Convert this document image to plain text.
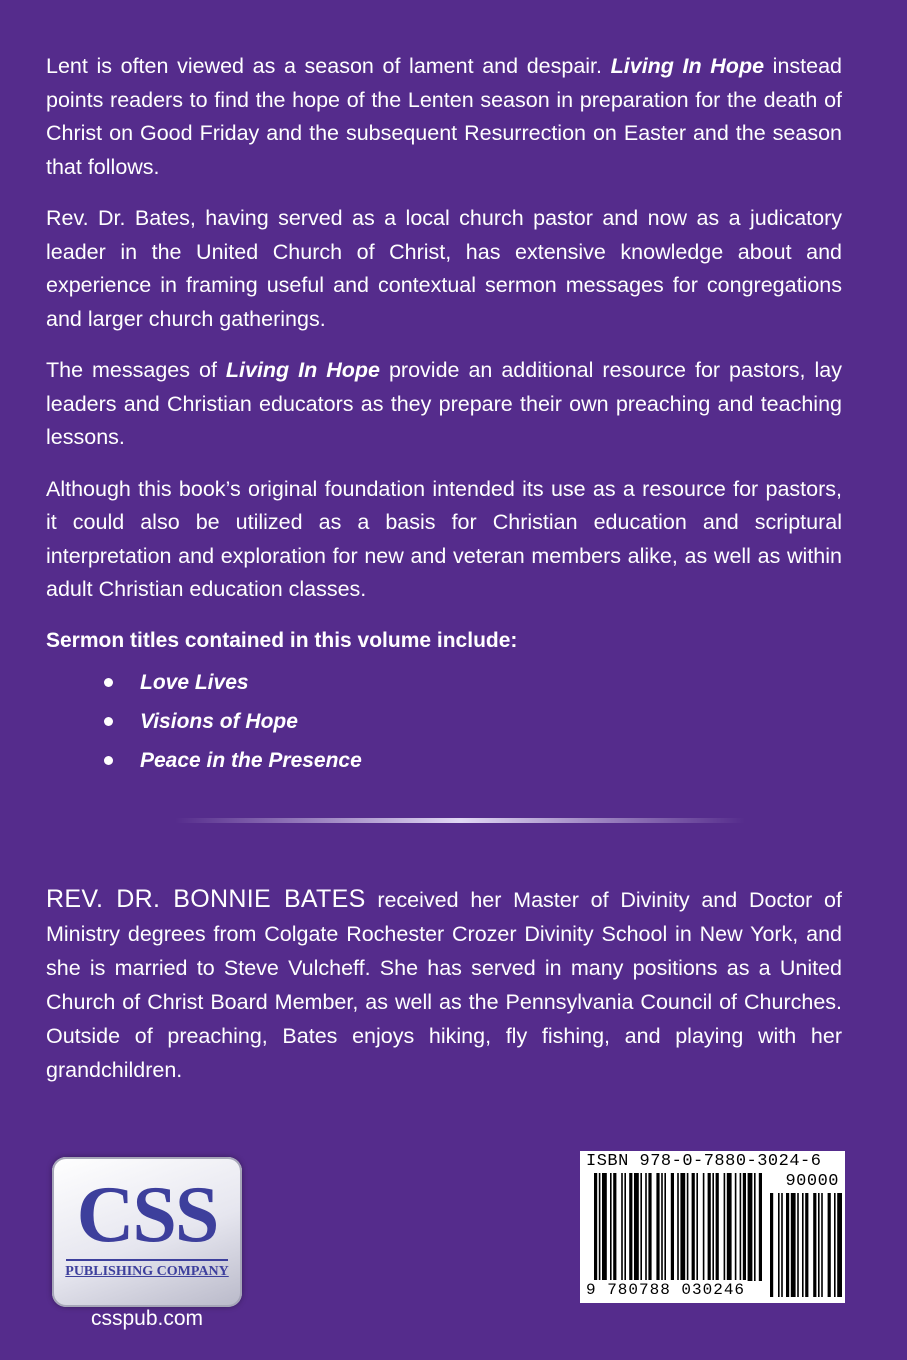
Lent is often viewed as a season of lament and despair. Living In Hope instead points readers to find the hope of the Lenten season in preparation for the death of Christ on Good Friday and the subsequent Resurrection on Easter and the season that follows.

Rev. Dr. Bates, having served as a local church pastor and now as a judicatory leader in the United Church of Christ, has extensive knowledge about and experience in framing useful and contextual sermon messages for congregations and larger church gatherings.

The messages of Living In Hope provide an additional resource for pastors, lay leaders and Christian educators as they prepare their own preaching and teaching lessons.

Although this book’s original foundation intended its use as a resource for pastors, it could also be utilized as a basis for Christian education and scriptural interpretation and exploration for new and veteran members alike, as well as within adult Christian education classes.

Sermon titles contained in this volume include:
Love Lives
Visions of Hope
Peace in the Presence

REV. DR. BONNIE BATES received her Master of Divinity and Doctor of Ministry degrees from Colgate Rochester Crozer Divinity School in New York, and she is married to Steve Vulcheff. She has served in many positions as a United Church of Christ Board Member, as well as the Pennsylvania Council of Churches. Outside of preaching, Bates enjoys hiking, fly fishing, and playing with her grandchildren.

CSS
PUBLISHING COMPANY
csspub.com
ISBN 978-0-7880-3024-6
90000
9 780788 030246
